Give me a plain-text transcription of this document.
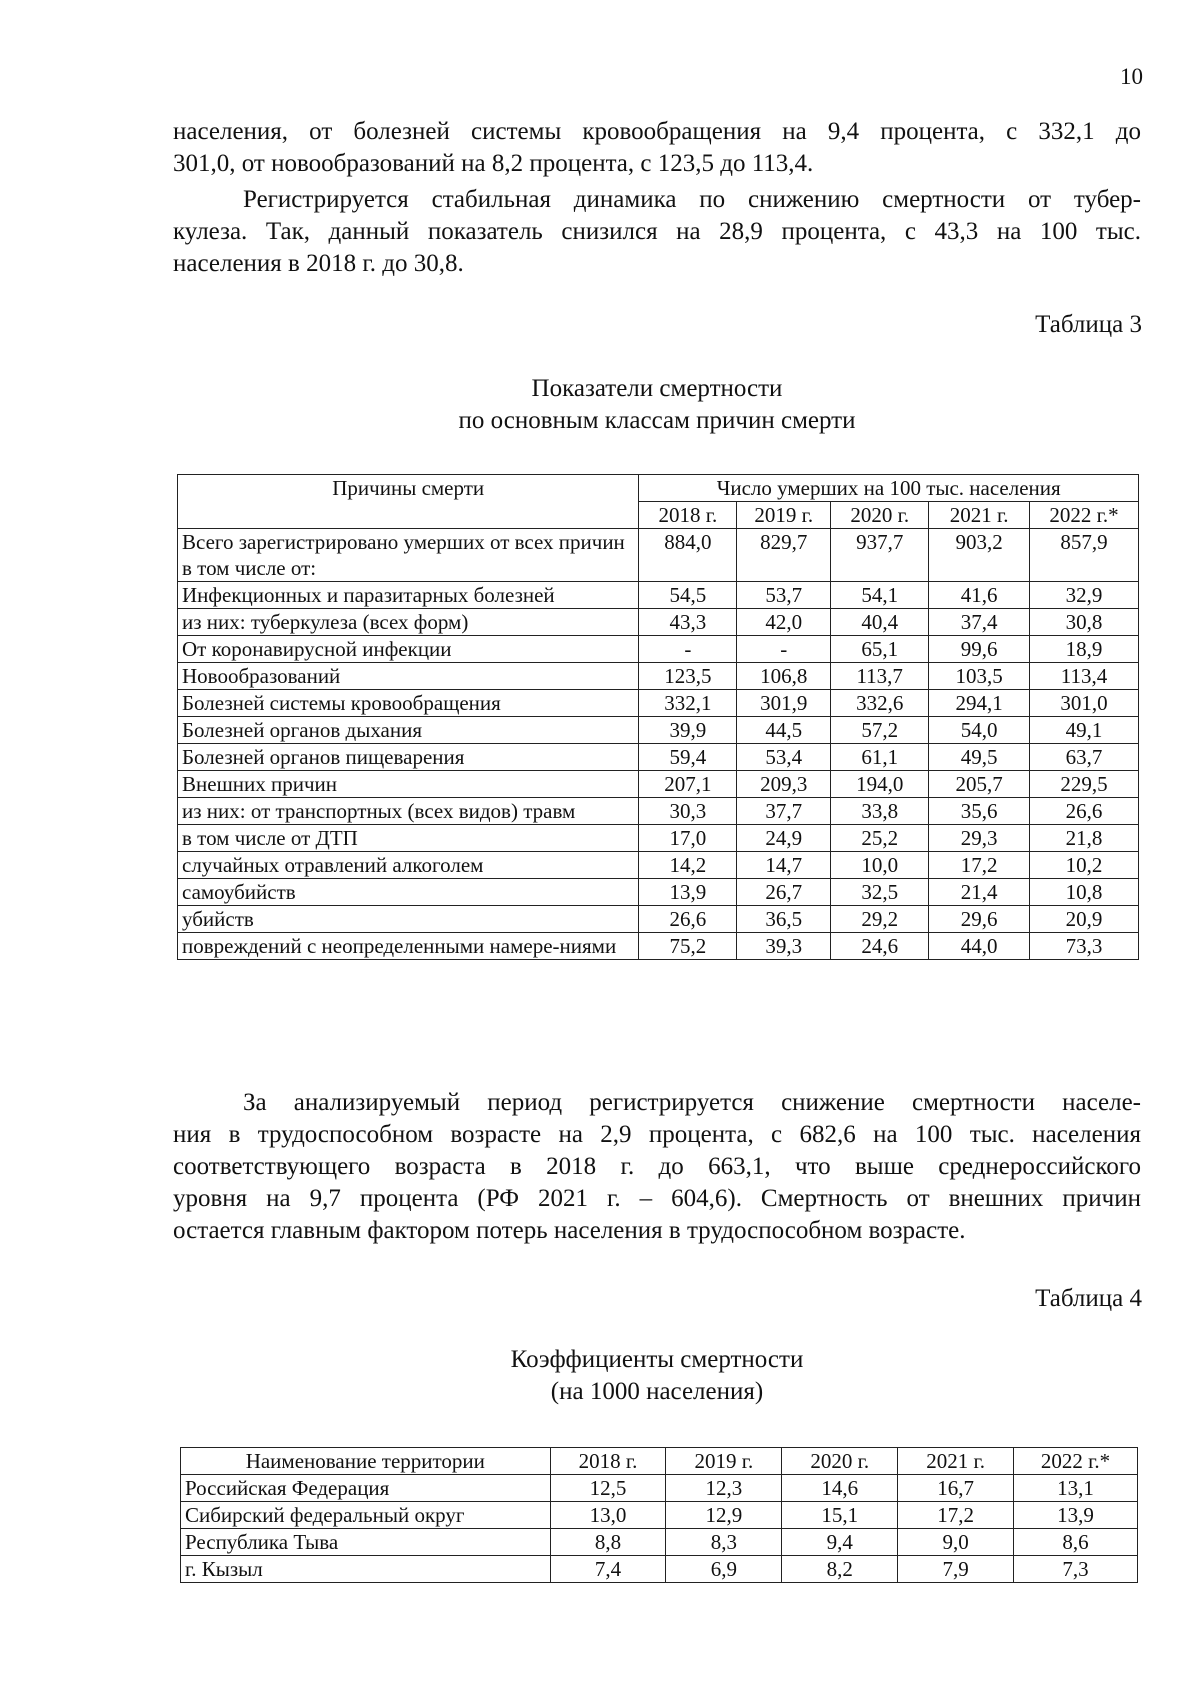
10
населения, от болезней системы кровообращения на 9,4 процента, с 332,1 до
301,0, от новообразований на 8,2 процента, с 123,5 до 113,4.
Регистрируется стабильная динамика по снижению смертности от тубер-
кулеза. Так, данный показатель снизился на 28,9 процента, с 43,3 на 100 тыс.
населения в 2018 г. до 30,8.
Таблица 3
Показатели смертности
по основным классам причин смерти
Причины смерти	Число умерших на 100 тыс. населения				
	2018 г.	2019 г.	2020 г.	2021 г.	2022 г.*
Всего зарегистрировано умерших от всех причин в том числе от:	884,0	829,7	937,7	903,2	857,9
Инфекционных и паразитарных болезней	54,5	53,7	54,1	41,6	32,9
из них: туберкулеза (всех форм)	43,3	42,0	40,4	37,4	30,8
От коронавирусной инфекции	-	-	65,1	99,6	18,9
Новообразований	123,5	106,8	113,7	103,5	113,4
Болезней системы кровообращения	332,1	301,9	332,6	294,1	301,0
Болезней органов дыхания	39,9	44,5	57,2	54,0	49,1
Болезней органов пищеварения	59,4	53,4	61,1	49,5	63,7
Внешних причин	207,1	209,3	194,0	205,7	229,5
из них: от транспортных (всех видов) травм	30,3	37,7	33,8	35,6	26,6
в том числе от ДТП	17,0	24,9	25,2	29,3	21,8
случайных отравлений алкоголем	14,2	14,7	10,0	17,2	10,2
самоубийств	13,9	26,7	32,5	21,4	10,8
убийств	26,6	36,5	29,2	29,6	20,9
повреждений с неопределенными намере-ниями	75,2	39,3	24,6	44,0	73,3
За анализируемый период регистрируется снижение смертности населе-
ния в трудоспособном возрасте на 2,9 процента, с 682,6 на 100 тыс. населения
соответствующего возраста в 2018 г. до 663,1, что выше среднероссийского
уровня на 9,7 процента (РФ 2021 г. – 604,6). Смертность от внешних причин
остается главным фактором потерь населения в трудоспособном возрасте.
Таблица 4
Коэффициенты смертности
(на 1000 населения)
Наименование территории	2018 г.	2019 г.	2020 г.	2021 г.	2022 г.*
Российская Федерация	12,5	12,3	14,6	16,7	13,1
Сибирский федеральный округ	13,0	12,9	15,1	17,2	13,9
Республика Тыва	8,8	8,3	9,4	9,0	8,6
г. Кызыл	7,4	6,9	8,2	7,9	7,3
